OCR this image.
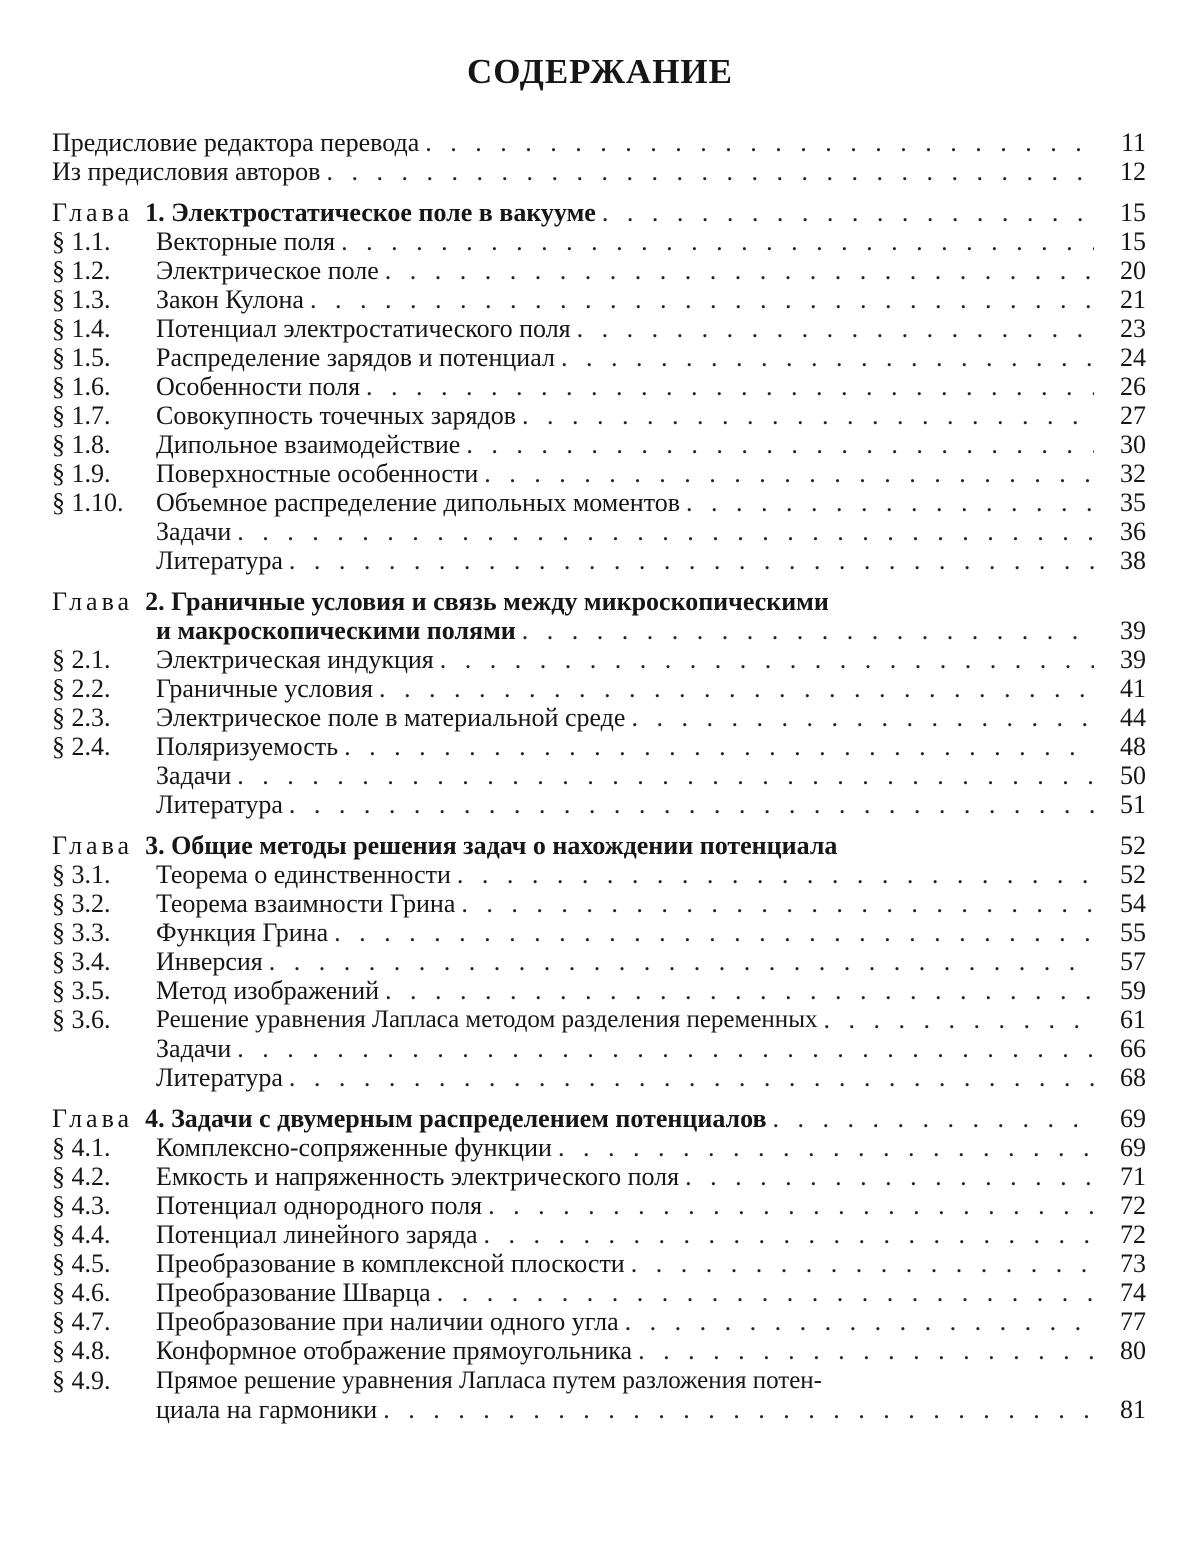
СОДЕРЖАНИЕ
Предисловие редактора перевода . . .	11
Из предисловия авторов . . .	12
Глава 1. Электростатическое поле в вакууме . . .	15
§ 1.1.	Векторные поля . . .	15
§ 1.2.	Электрическое поле . . .	20
§ 1.3.	Закон Кулона . . .	21
§ 1.4.	Потенциал электростатического поля . . .	23
§ 1.5.	Распределение зарядов и потенциал . . .	24
§ 1.6.	Особенности поля . . .	26
§ 1.7.	Совокупность точечных зарядов . . .	27
§ 1.8.	Дипольное взаимодействие . . .	30
§ 1.9.	Поверхностные особенности . . .	32
§ 1.10.	Объемное распределение дипольных моментов . . .	35
Задачи . . .	36
Литература . . .	38
Глава 2. Граничные условия и связь между микроскопическими
и макроскопическими полями . . .	39
§ 2.1.	Электрическая индукция . . .	39
§ 2.2.	Граничные условия . . .	41
§ 2.3.	Электрическое поле в материальной среде . . .	44
§ 2.4.	Поляризуемость . . .	48
Задачи . . .	50
Литература . . .	51
Глава 3. Общие методы решения задач о нахождении потенциала	52
§ 3.1.	Теорема о единственности . . .	52
§ 3.2.	Теорема взаимности Грина . . .	54
§ 3.3.	Функция Грина . . .	55
§ 3.4.	Инверсия . . .	57
§ 3.5.	Метод изображений . . .	59
§ 3.6.	Решение уравнения Лапласа методом разделения переменных . . .	61
Задачи . . .	66
Литература . . .	68
Глава 4. Задачи с двумерным распределением потенциалов . . .	69
§ 4.1.	Комплексно-сопряженные функции . . .	69
§ 4.2.	Емкость и напряженность электрического поля . . .	71
§ 4.3.	Потенциал однородного поля . . .	72
§ 4.4.	Потенциал линейного заряда . . .	72
§ 4.5.	Преобразование в комплексной плоскости . . .	73
§ 4.6.	Преобразование Шварца . . .	74
§ 4.7.	Преобразование при наличии одного угла . . .	77
§ 4.8.	Конформное отображение прямоугольника . . .	80
§ 4.9.	Прямое решение уравнения Лапласа путем разложения потен-
циала на гармоники . . .	81
